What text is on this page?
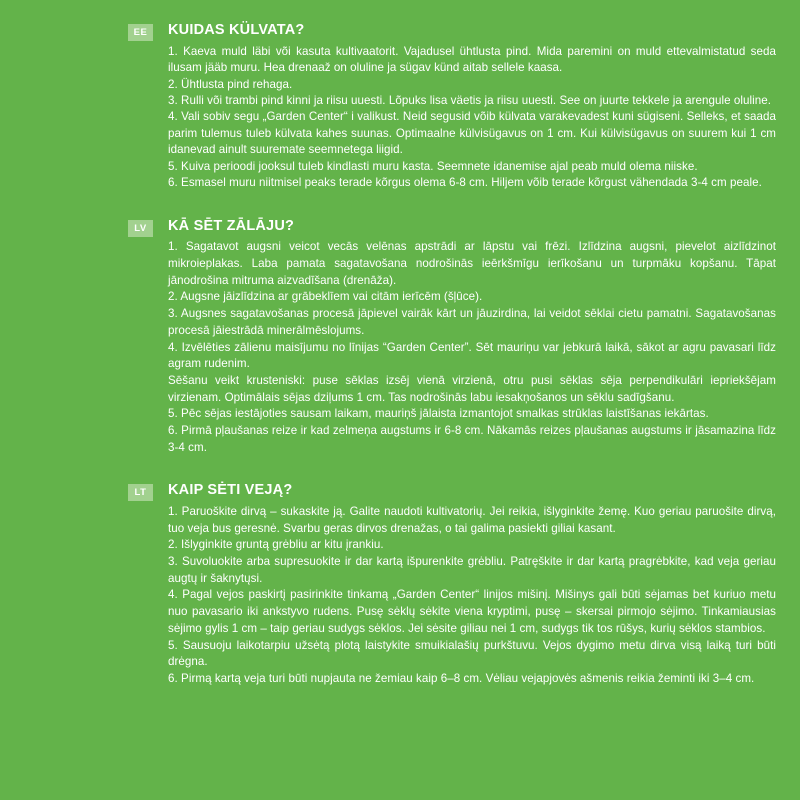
EE	KUIDAS KÜLVATA?

1. Kaeva muld läbi või kasuta kultivaatorit. Vajadusel ühtlusta pind. Mida paremini on muld ettevalmistatud seda ilusam jääb muru. Hea drenaaž on oluline ja sügav künd aitab sellele kaasa.

2. Ühtlusta pind rehaga.

3. Rulli või trambi pind kinni ja riisu uuesti. Lõpuks lisa väetis ja riisu uuesti. See on juurte tekkele ja arengule oluline.

4. Vali sobiv segu „Garden Center“ i valikust. Neid segusid võib külvata varakevadest kuni sügiseni. Selleks, et saada parim tulemus tuleb külvata kahes suunas. Optimaalne külvisügavus on 1 cm. Kui külvisügavus on suurem kui 1 cm idanevad ainult suuremate seemnetega liigid.

5. Kuiva perioodi jooksul tuleb kindlasti muru kasta. Seemnete idanemise ajal peab muld olema niiske.

6. Esmasel muru niitmisel peaks terade kõrgus olema 6-8 cm. Hiljem võib terade kõrgust vähendada 3-4 cm peale.

LV	KĀ SĒT ZĀLĀJU?

1. Sagatavot augsni veicot vecās velēnas apstrādi ar lāpstu vai frēzi. Izlīdzina augsni, pievelot aizlīdzinot mikroieplakas. Laba pamata sagatavošana nodrošinās ieērkšmīgu ierīkošanu un turpmāku kopšanu. Tāpat jānodrošina mitruma aizvadīšana (drenāža).

2. Augsne jāizlīdzina ar grābeklīem vai citām ierīcēm (šļūce).

3. Augsnes sagatavošanas procesā jāpievel vairāk kārt un jāuzirdina, lai veidot sēklai cietu pamatni. Sagatavošanas procesā jāiestrādā minerālmēslojums.

4. Izvēlēties zālienu maisījumu no līnijas “Garden Center”. Sēt mauriņu var jebkurā laikā, sākot ar agru pavasari līdz agram rudenim.

Sēšanu veikt krusteniski: puse sēklas izsēj vienā virzienā, otru pusi sēklas sēja perpendikulāri iepriekšējam virzienam. Optimālais sējas dziļums 1 cm. Tas nodrošinās labu iesakņošanos un sēklu sadīgšanu.

5. Pēc sējas iestājoties sausam laikam, mauriņš jālaista izmantojot smalkas strūklas laistīšanas iekārtas.

6. Pirmā pļaušanas reize ir kad zelmeņa augstums ir 6-8 cm. Nākamās reizes pļaušanas augstums ir jāsamazina līdz 3-4 cm.

LT	KAIP SĖTI VEJĄ?

1. Paruoškite dirvą – sukaskite ją. Galite naudoti kultivatorių. Jei reikia, išlyginkite žemę. Kuo geriau paruošite dirvą, tuo veja bus geresnė. Svarbu geras dirvos drenažas, o tai galima pasiekti giliai kasant.

2. Išlyginkite gruntą grėbliu ar kitu įrankiu.

3. Suvoluokite arba supresuokite ir dar kartą išpurenkite grėbliu. Patręškite ir dar kartą pragrėbkite, kad veja geriau augtų ir šaknytųsi.

4. Pagal vejos paskirtį pasirinkite tinkamą „Garden Center“ linijos mišinį. Mišinys gali būti sėjamas bet kuriuo metu nuo pavasario iki ankstyvo rudens. Pusę sėklų sėkite viena kryptimi, pusę – skersai pirmojo sėjimo. Tinkamiausias sėjimo gylis 1 cm – taip geriau sudygs sėklos. Jei sėsite giliau nei 1 cm, sudygs tik tos rūšys, kurių sėklos stambios.

5. Sausuoju laikotarpiu užsėtą plotą laistykite smuikialašių purkštuvu. Vejos dygimo metu dirva visą laiką turi būti drėgna.

6. Pirmą kartą veja turi būti nupjauta ne žemiau kaip 6–8 cm. Vėliau vejapjovės ašmenis reikia žeminti iki 3–4 cm.
